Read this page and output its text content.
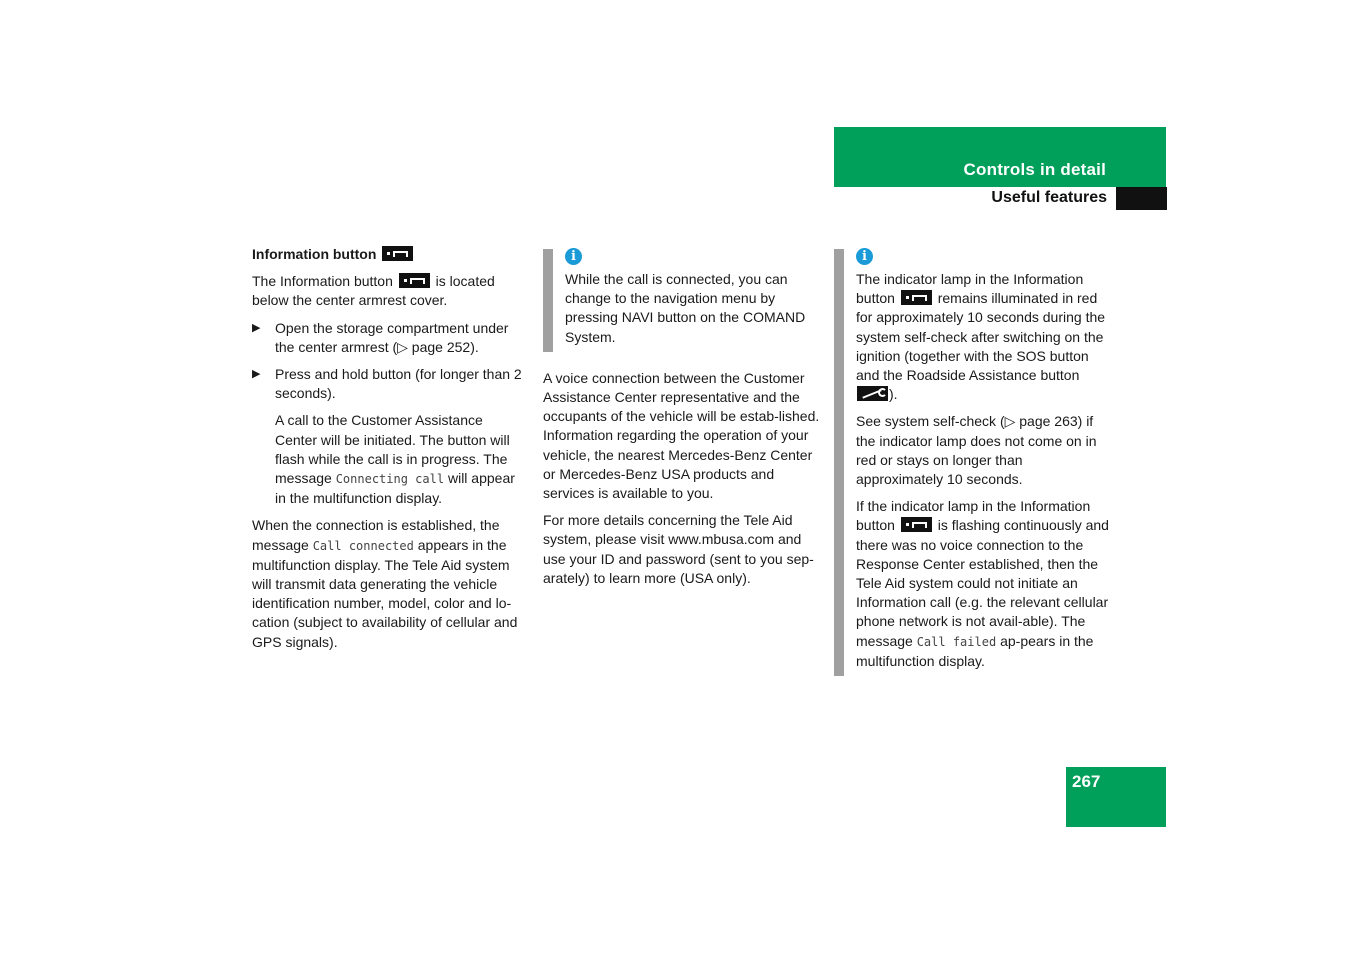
Controls in detail
Useful features
Information button

The Information button	is located below the center armrest cover.

▶ Open the storage compartment under the center armrest (▷ page 252).
▶ Press and hold button (for longer than 2 seconds).

A call to the Customer Assistance Center will be initiated. The button will flash while the call is in progress. The message Connecting call will appear in the multifunction display.

When the connection is established, the message Call connected appears in the multifunction display. The Tele Aid system will transmit data generating the vehicle identification number, model, color and lo-cation (subject to availability of cellular and GPS signals).

i

While the call is connected, you can change to the navigation menu by pressing NAVI button on the COMAND System.

A voice connection between the Customer Assistance Center representative and the occupants of the vehicle will be estab-lished. Information regarding the operation of your vehicle, the nearest Mercedes-Benz Center or Mercedes-Benz USA products and services is available to you.

For more details concerning the Tele Aid system, please visit www.mbusa.com and use your ID and password (sent to you sep-arately) to learn more (USA only).

i

The indicator lamp in the Information button	remains illuminated in red for approximately 10 seconds during the system self-check after switching on the ignition (together with the SOS button and the Roadside Assistance button ).

See system self-check (▷ page 263) if the indicator lamp does not come on in red or stays on longer than approximately 10 seconds.

If the indicator lamp in the Information button	is flashing continuously and there was no voice connection to the Response Center established, then the Tele Aid system could not initiate an Information call (e.g. the relevant cellular phone network is not avail-able). The message Call failed ap-pears in the multifunction display.

267
